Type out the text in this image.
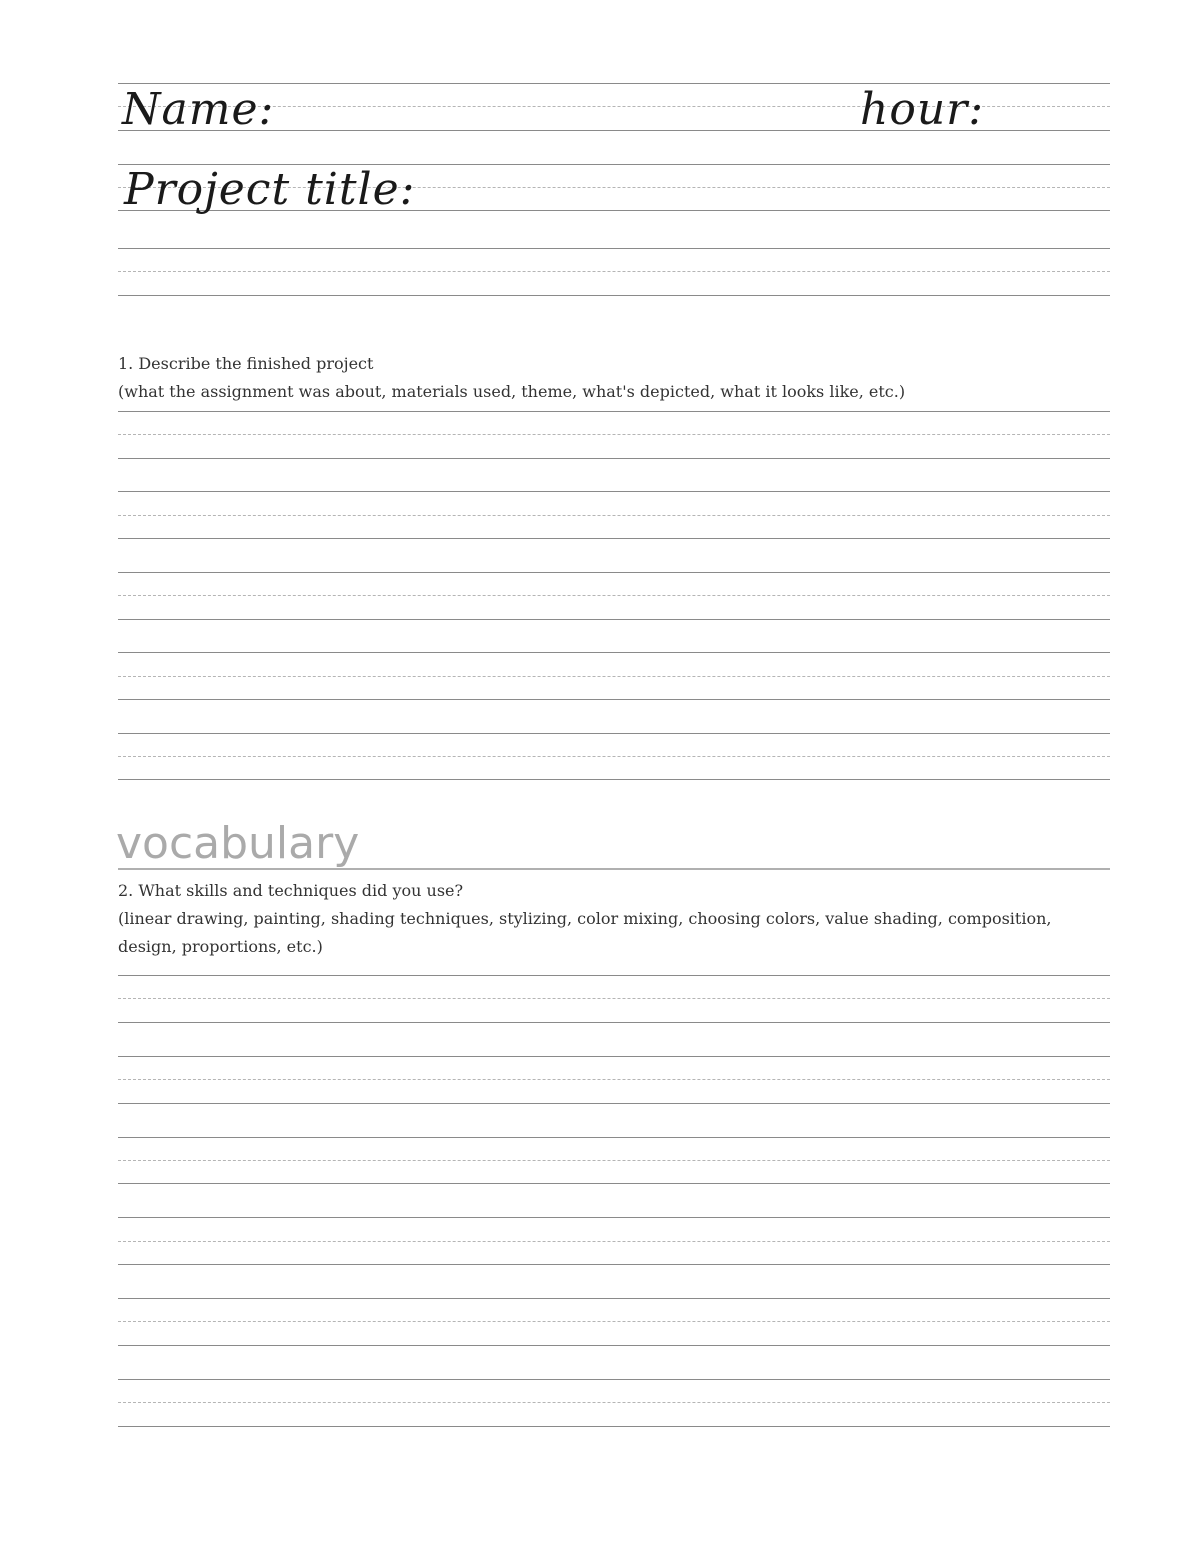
Name:	hour:
Project title:
1. Describe the finished project
(what the assignment was about, materials used, theme, what's depicted, what it looks like, etc.)
vocabulary
2. What skills and techniques did you use?
(linear drawing, painting, shading techniques, stylizing, color mixing, choosing colors, value shading, composition, design, proportions, etc.)
